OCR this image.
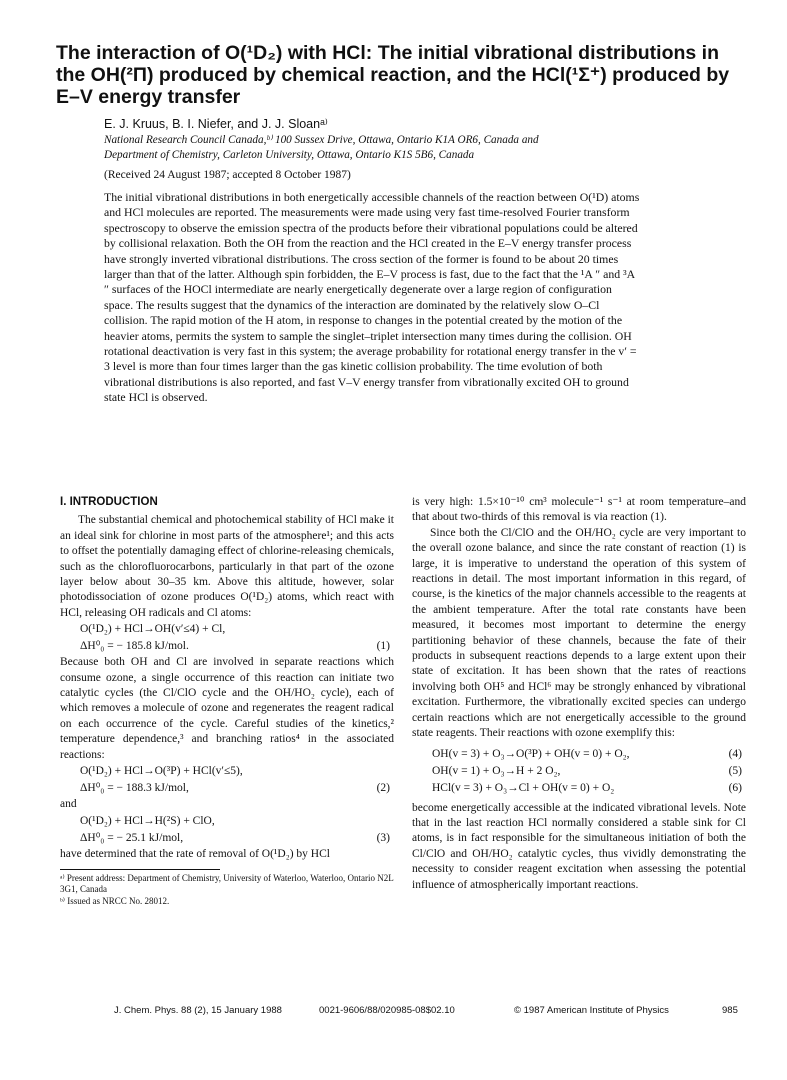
The interaction of O(¹D₂) with HCl: The initial vibrational distributions in the OH(²Π) produced by chemical reaction, and the HCl(¹Σ⁺) produced by E–V energy transfer
E. J. Kruus, B. I. Niefer, and J. J. Sloanᵃ⁾
National Research Council Canada,ᵇ⁾ 100 Sussex Drive, Ottawa, Ontario K1A OR6, Canada and
Department of Chemistry, Carleton University, Ottawa, Ontario K1S 5B6, Canada
(Received 24 August 1987; accepted 8 October 1987)
The initial vibrational distributions in both energetically accessible channels of the reaction between O(¹D) atoms and HCl molecules are reported. The measurements were made using very fast time-resolved Fourier transform spectroscopy to observe the emission spectra of the products before their vibrational populations could be altered by collisional relaxation. Both the OH from the reaction and the HCl created in the E–V energy transfer process have strongly inverted vibrational distributions. The cross section of the former is found to be about 20 times larger than that of the latter. Although spin forbidden, the E–V process is fast, due to the fact that the ¹A ″ and ³A ″ surfaces of the HOCl intermediate are nearly energetically degenerate over a large region of configuration space. The results suggest that the dynamics of the interaction are dominated by the relatively slow O–Cl collision. The rapid motion of the H atom, in response to changes in the potential created by the motion of the heavier atoms, permits the system to sample the singlet–triplet intersection many times during the collision. OH rotational deactivation is very fast in this system; the average probability for rotational energy transfer in the v′ = 3 level is more than four times larger than the gas kinetic collision probability. The time evolution of both vibrational distributions is also reported, and fast V–V energy transfer from vibrationally excited OH to ground state HCl is observed.
I. INTRODUCTION

The substantial chemical and photochemical stability of HCl make it an ideal sink for chlorine in most parts of the atmosphere¹; and this acts to offset the potentially damaging effect of chlorine-releasing chemicals, such as the chlorofluorocarbons, particularly in that part of the ozone layer below about 30–35 km. Above this altitude, however, solar photodissociation of ozone produces O(¹D₂) atoms, which react with HCl, releasing OH radicals and Cl atoms:

O(¹D₂) + HCl→OH(v′≤4) + Cl,
ΔH⁰₀ = − 185.8 kJ/mol.	(1)

Because both OH and Cl are involved in separate reactions which consume ozone, a single occurrence of this reaction can initiate two catalytic cycles (the Cl/ClO cycle and the OH/HO₂ cycle), each of which removes a molecule of ozone and regenerates the reagent radical on each occurrence of the cycle. Careful studies of the kinetics,² temperature dependence,³ and branching ratios⁴ in the associated reactions:

O(¹D₂) + HCl→O(³P) + HCl(v′≤5),
ΔH⁰₀ = − 188.3 kJ/mol,	(2)
and
O(¹D₂) + HCl→H(²S) + ClO,
ΔH⁰₀ = − 25.1 kJ/mol,	(3)

have determined that the rate of removal of O(¹D₂) by HCl

ᵃ⁾ Present address: Department of Chemistry, University of Waterloo, Waterloo, Ontario N2L 3G1, Canada
ᵇ⁾ Issued as NRCC No. 28012.

is very high: 1.5×10⁻¹⁰ cm³ molecule⁻¹ s⁻¹ at room temperature–and that about two-thirds of this removal is via reaction (1).

Since both the Cl/ClO and the OH/HO₂ cycle are very important to the overall ozone balance, and since the rate constant of reaction (1) is large, it is imperative to understand the operation of this system of reactions in detail. The most important information in this regard, of course, is the kinetics of the major channels accessible to the reagents at the ambient temperature. After the total rate constants have been measured, it becomes most important to determine the energy partitioning behavior of these channels, because the fate of their products in subsequent reactions depends to a large extent upon their state of excitation. It has been shown that the rates of reactions involving both OH⁵ and HCl⁶ may be strongly enhanced by vibrational excitation. Furthermore, the vibrationally excited species can undergo certain reactions which are not energetically accessible to the ground state reagents. Their reactions with ozone exemplify this:

OH(v = 3) + O₃→O(³P) + OH(v = 0) + O₂,	(4)
OH(v = 1) + O₃→H + 2 O₂,	(5)
HCl(v = 3) + O₃→Cl + OH(v = 0) + O₂	(6)

become energetically accessible at the indicated vibrational levels. Note that in the last reaction HCl normally considered a stable sink for Cl atoms, is in fact responsible for the simultaneous initiation of both the Cl/ClO and OH/HO₂ catalytic cycles, thus vividly demonstrating the necessity to consider reagent excitation when assessing the potential influence of atmospherically important reactions.

J. Chem. Phys. 88 (2), 15 January 1988	0021-9606/88/020985-08$02.10	© 1987 American Institute of Physics	985
